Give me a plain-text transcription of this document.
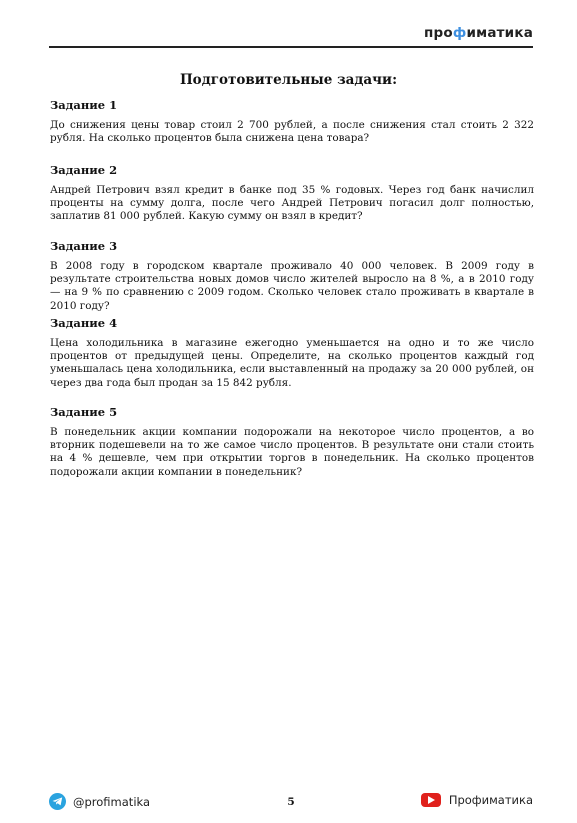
профиматика
Подготовительные задачи:
Задание 1

До снижения цены товар стоил 2 700 рублей, а после снижения стал стоить 2 322 рубля. На сколько процентов была снижена цена товара?

Задание 2

Андрей Петрович взял кредит в банке под 35 % годовых. Через год банк начислил проценты на сумму долга, после чего Андрей Петрович погасил долг полностью, заплатив 81 000 рублей. Какую сумму он взял в кредит?

Задание 3

В 2008 году в городском квартале проживало 40 000 человек. В 2009 году в результате строительства новых домов число жителей выросло на 8 %, а в 2010 году — на 9 % по сравнению с 2009 годом. Сколько человек стало проживать в квартале в 2010 году?

Задание 4

Цена холодильника в магазине ежегодно уменьшается на одно и то же число процентов от предыдущей цены. Определите, на сколько процентов каждый год уменьшалась цена холодильника, если выставленный на продажу за 20 000 рублей, он через два года был продан за 15 842 рубля.

Задание 5

В понедельник акции компании подорожали на некоторое число процентов, а во вторник подешевели на то же самое число процентов. В результате они стали стоить на 4 % дешевле, чем при открытии торгов в понедельник. На сколько процентов подорожали акции компании в понедельник?

@profimatika	5	Профиматика
